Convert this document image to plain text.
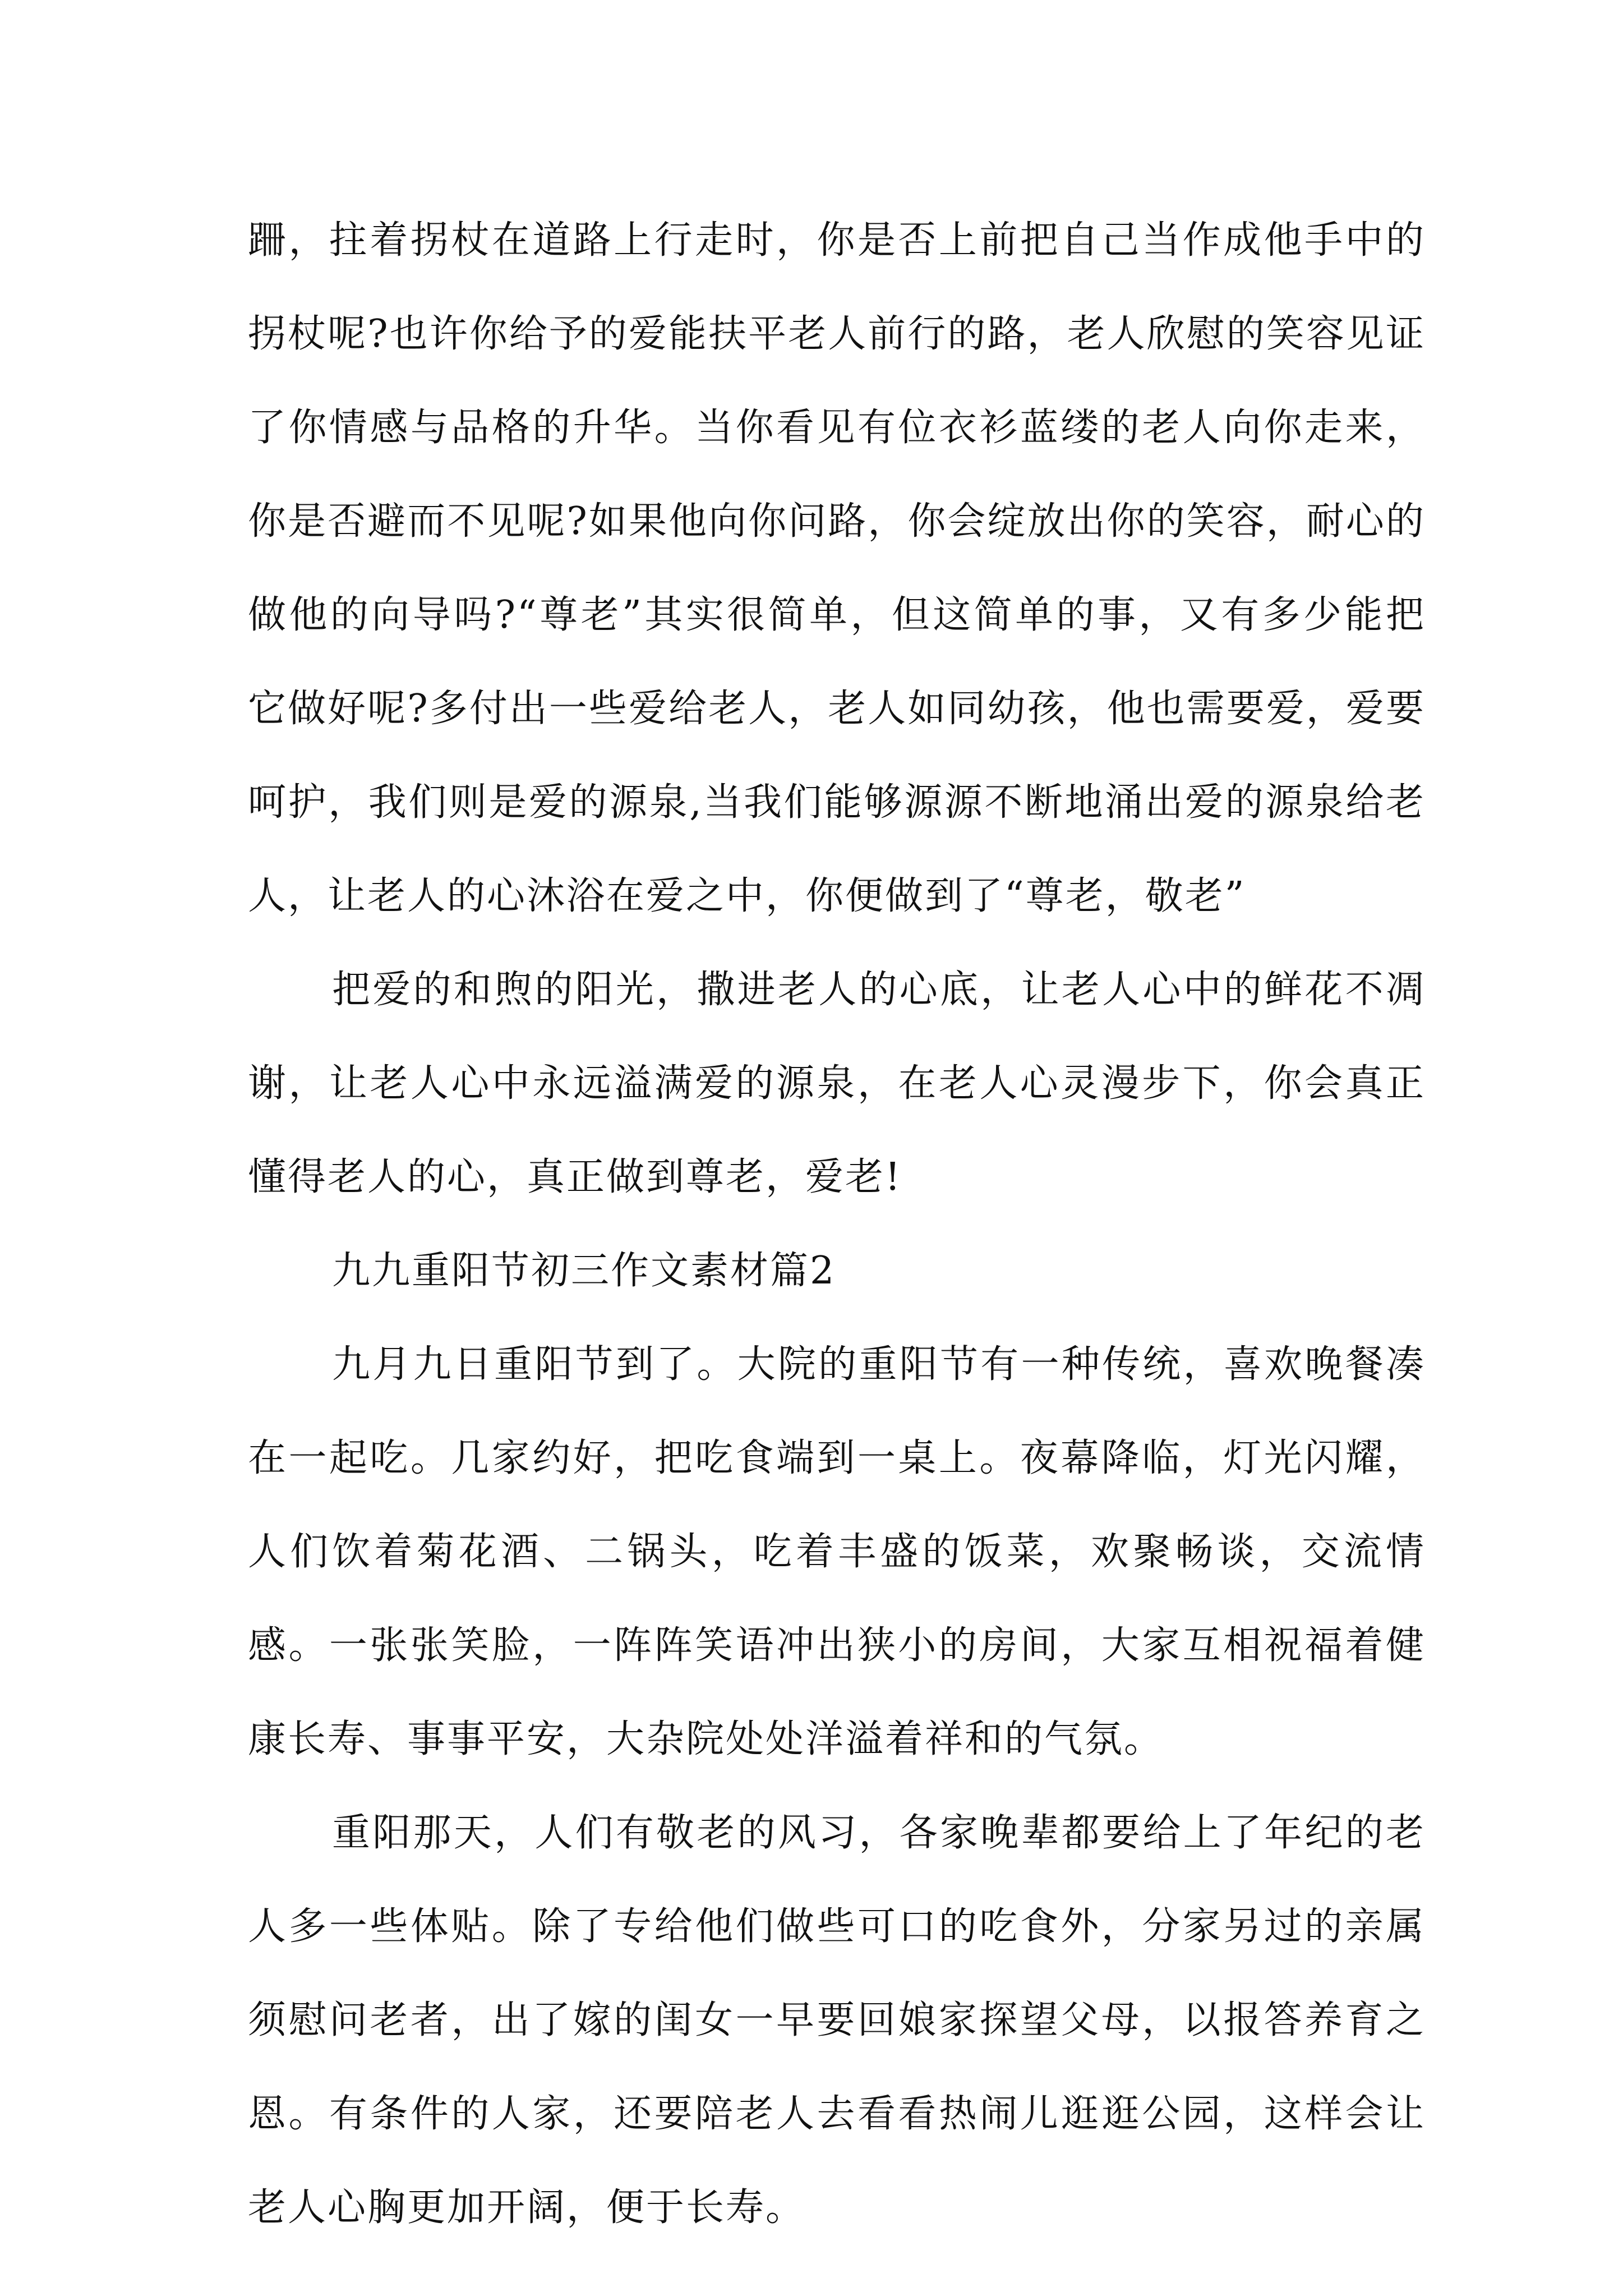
跚，拄着拐杖在道路上行走时，你是否上前把自己当作成他手中的拐杖呢?也许你给予的爱能扶平老人前行的路，老人欣慰的笑容见证了你情感与品格的升华。当你看见有位衣衫蓝缕的老人向你走来，你是否避而不见呢?如果他向你问路，你会绽放出你的笑容，耐心的做他的向导吗?“尊老”其实很简单，但这简单的事，又有多少能把它做好呢?多付出一些爱给老人，老人如同幼孩，他也需要爱，爱要呵护，我们则是爱的源泉,当我们能够源源不断地涌出爱的源泉给老人，让老人的心沐浴在爱之中，你便做到了“尊老，敬老”

把爱的和煦的阳光，撒进老人的心底，让老人心中的鲜花不凋谢，让老人心中永远溢满爱的源泉，在老人心灵漫步下，你会真正懂得老人的心，真正做到尊老，爱老!

九九重阳节初三作文素材篇2

九月九日重阳节到了。大院的重阳节有一种传统，喜欢晚餐凑在一起吃。几家约好，把吃食端到一桌上。夜幕降临，灯光闪耀，人们饮着菊花酒、二锅头，吃着丰盛的饭菜，欢聚畅谈，交流情感。一张张笑脸，一阵阵笑语冲出狭小的房间，大家互相祝福着健康长寿、事事平安，大杂院处处洋溢着祥和的气氛。

重阳那天，人们有敬老的风习，各家晚辈都要给上了年纪的老人多一些体贴。除了专给他们做些可口的吃食外，分家另过的亲属须慰问老者，出了嫁的闺女一早要回娘家探望父母，以报答养育之恩。有条件的人家，还要陪老人去看看热闹儿逛逛公园，这样会让老人心胸更加开阔，便于长寿。
